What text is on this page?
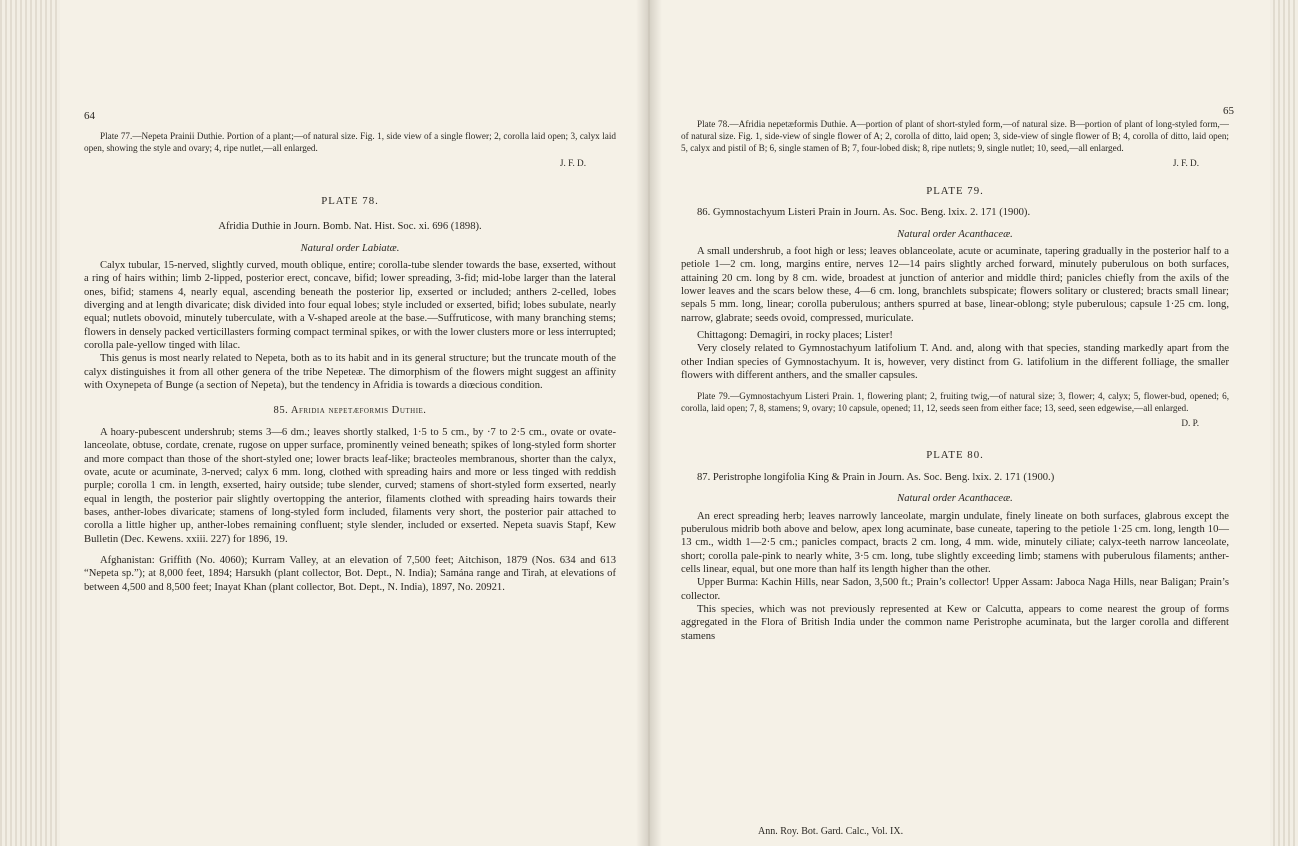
64

Plate 77.—Nepeta Prainii Duthie. Portion of a plant;—of natural size. Fig. 1, side view of a single flower; 2, corolla laid open; 3, calyx laid open, showing the style and ovary; 4, ripe nutlet,—all enlarged.

J. F. D.

PLATE 78.

Afridia Duthie in Journ. Bomb. Nat. Hist. Soc. xi. 696 (1898).

Natural order Labiatæ.

Calyx tubular, 15-nerved, slightly curved, mouth oblique, entire; corolla-tube slender towards the base, exserted, without a ring of hairs within; limb 2-lipped, posterior erect, concave, bifid; lower spreading, 3-fid; mid-lobe larger than the lateral ones, bifid; stamens 4, nearly equal, ascending beneath the posterior lip, exserted or included; anthers 2-celled, lobes diverging and at length divaricate; disk divided into four equal lobes; style included or exserted, bifid; lobes subulate, nearly equal; nutlets obovoid, minutely tuberculate, with a V-shaped areole at the base.—Suffruticose, with many branching stems; flowers in densely packed verticillasters forming compact terminal spikes, or with the lower clusters more or less interrupted; corolla pale-yellow tinged with lilac.

This genus is most nearly related to Nepeta, both as to its habit and in its general structure; but the truncate mouth of the calyx distinguishes it from all other genera of the tribe Nepeteæ. The dimorphism of the flowers might suggest an affinity with Oxynepeta of Bunge (a section of Nepeta), but the tendency in Afridia is towards a diœcious condition.

85. Afridia nepetæformis Duthie.

A hoary-pubescent undershrub; stems 3—6 dm.; leaves shortly stalked, 1·5 to 5 cm., by ·7 to 2·5 cm., ovate or ovate-lanceolate, obtuse, cordate, crenate, rugose on upper surface, prominently veined beneath; spikes of long-styled form shorter and more compact than those of the short-styled one; lower bracts leaf-like; bracteoles membranous, shorter than the calyx, ovate, acute or acuminate, 3-nerved; calyx 6 mm. long, clothed with spreading hairs and more or less tinged with reddish purple; corolla 1 cm. in length, exserted, hairy outside; tube slender, curved; stamens of short-styled form exserted, nearly equal in length, the posterior pair slightly overtopping the anterior, filaments clothed with spreading hairs towards their bases, anther-lobes divaricate; stamens of long-styled form included, filaments very short, the posterior pair attached to corolla a little higher up, anther-lobes remaining confluent; style slender, included or exserted. Nepeta suavis Stapf, Kew Bulletin (Dec. Kewens. xxiii. 227) for 1896, 19.

Afghanistan: Griffith (No. 4060); Kurram Valley, at an elevation of 7,500 feet; Aitchison, 1879 (Nos. 634 and 613 “Nepeta sp.”); at 8,000 feet, 1894; Harsukh (plant collector, Bot. Dept., N. India); Samána range and Tirah, at elevations of between 4,500 and 8,500 feet; Inayat Khan (plant collector, Bot. Dept., N. India), 1897, No. 20921.

65

Plate 78.—Afridia nepetæformis Duthie. A—portion of plant of short-styled form,—of natural size. B—portion of plant of long-styled form,—of natural size. Fig. 1, side-view of single flower of A; 2, corolla of ditto, laid open; 3, side-view of single flower of B; 4, corolla of ditto, laid open; 5, calyx and pistil of B; 6, single stamen of B; 7, four-lobed disk; 8, ripe nutlets; 9, single nutlet; 10, seed,—all enlarged.

J. F. D.

PLATE 79.

86. Gymnostachyum Listeri Prain in Journ. As. Soc. Beng. lxix. 2. 171 (1900).

Natural order Acanthaceæ.

A small undershrub, a foot high or less; leaves oblanceolate, acute or acuminate, tapering gradually in the posterior half to a petiole 1—2 cm. long, margins entire, nerves 12—14 pairs slightly arched forward, minutely puberulous on both surfaces, attaining 20 cm. long by 8 cm. wide, broadest at junction of anterior and middle third; panicles chiefly from the axils of the lower leaves and the scars below these, 4—6 cm. long, branchlets subspicate; flowers solitary or clustered; bracts small linear; sepals 5 mm. long, linear; corolla puberulous; anthers spurred at base, linear-oblong; style puberulous; capsule 1·25 cm. long, narrow, glabrate; seeds ovoid, compressed, muriculate.

Chittagong: Demagiri, in rocky places; Lister!

Very closely related to Gymnostachyum latifolium T. And. and, along with that species, standing markedly apart from the other Indian species of Gymnostachyum. It is, however, very distinct from G. latifolium in the different folliage, the smaller flowers with different anthers, and the smaller capsules.

Plate 79.—Gymnostachyum Listeri Prain. 1, flowering plant; 2, fruiting twig,—of natural size; 3, flower; 4, calyx; 5, flower-bud, opened; 6, corolla, laid open; 7, 8, stamens; 9, ovary; 10 capsule, opened; 11, 12, seeds seen from either face; 13, seed, seen edgewise,—all enlarged.

D. P.

PLATE 80.

87. Peristrophe longifolia King & Prain in Journ. As. Soc. Beng. lxix. 2. 171 (1900.)

Natural order Acanthaceæ.

An erect spreading herb; leaves narrowly lanceolate, margin undulate, finely lineate on both surfaces, glabrous except the puberulous midrib both above and below, apex long acuminate, base cuneate, tapering to the petiole 1·25 cm. long, length 10—13 cm., width 1—2·5 cm.; panicles compact, bracts 2 cm. long, 4 mm. wide, minutely ciliate; calyx-teeth narrow lanceolate, short; corolla pale-pink to nearly white, 3·5 cm. long, tube slightly exceeding limb; stamens with puberulous filaments; anther-cells linear, equal, but one more than half its length higher than the other.

Upper Burma: Kachin Hills, near Sadon, 3,500 ft.; Prain’s collector! Upper Assam: Jaboca Naga Hills, near Baligan; Prain’s collector.

This species, which was not previously represented at Kew or Calcutta, appears to come nearest the group of forms aggregated in the Flora of British India under the common name Peristrophe acuminata, but the larger corolla and different stamens

Ann. Roy. Bot. Gard. Calc., Vol. IX.
